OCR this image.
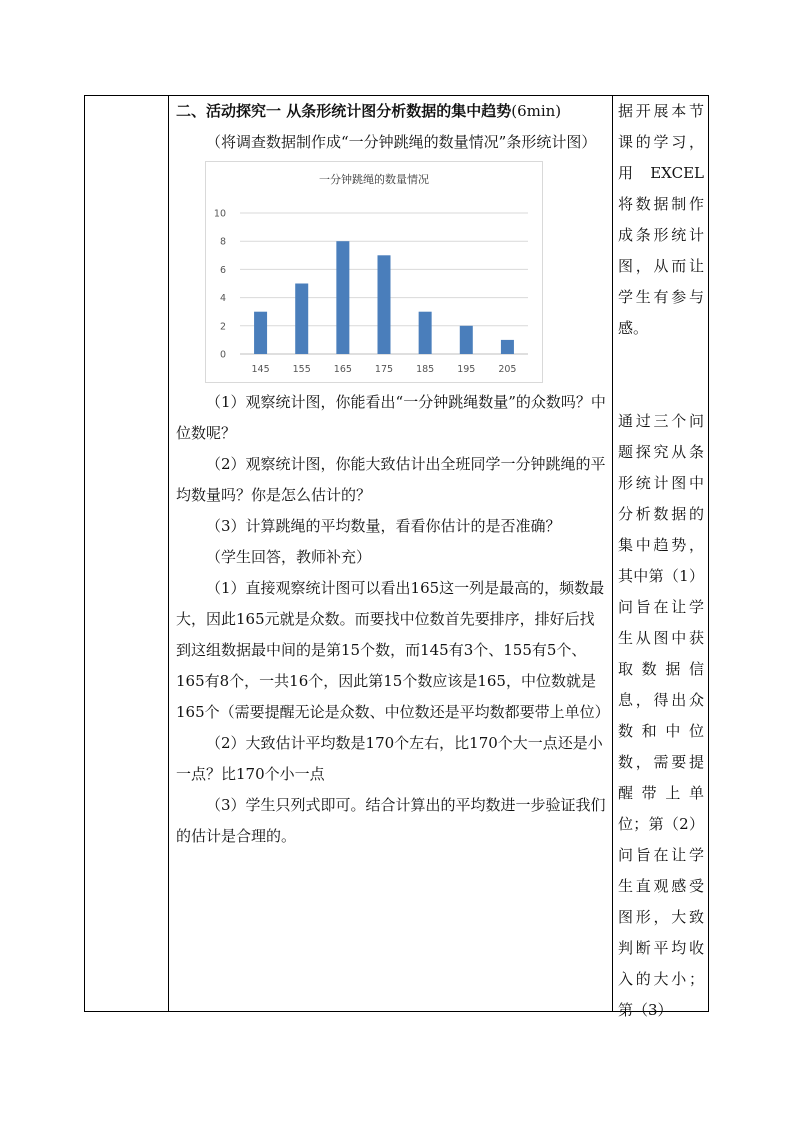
二、活动探究一 从条形统计图分析数据的集中趋势(6min)

（将调查数据制作成“一分钟跳绳的数量情况”条形统计图）

一分钟跳绳的数量情况
0
2
4
6
8
10
145 155 165 175 185 195 205

（1）观察统计图，你能看出“一分钟跳绳数量”的众数吗？中位数呢？

（2）观察统计图，你能大致估计出全班同学一分钟跳绳的平均数量吗？你是怎么估计的？

（3）计算跳绳的平均数量，看看你估计的是否准确？

（学生回答，教师补充）

（1）直接观察统计图可以看出165这一列是最高的，频数最大，因此165元就是众数。而要找中位数首先要排序，排好后找到这组数据最中间的是第15个数，而145有3个、155有5个、165有8个，一共16个，因此第15个数应该是165，中位数就是165个（需要提醒无论是众数、中位数还是平均数都要带上单位）

（2）大致估计平均数是170个左右，比170个大一点还是小一点？比170个小一点

（3）学生只列式即可。结合计算出的平均数进一步验证我们的估计是合理的。

据开展本节课的学习，用 EXCEL 将数据制作成条形统计图，从而让学生有参与感。

通过三个问题探究从条形统计图中分析数据的集中趋势，其中第（1）问旨在让学生从图中获取数据信息，得出众数和中位数，需要提醒带上单位；第（2）问旨在让学生直观感受图形，大致判断平均收入的大小；第（3）
